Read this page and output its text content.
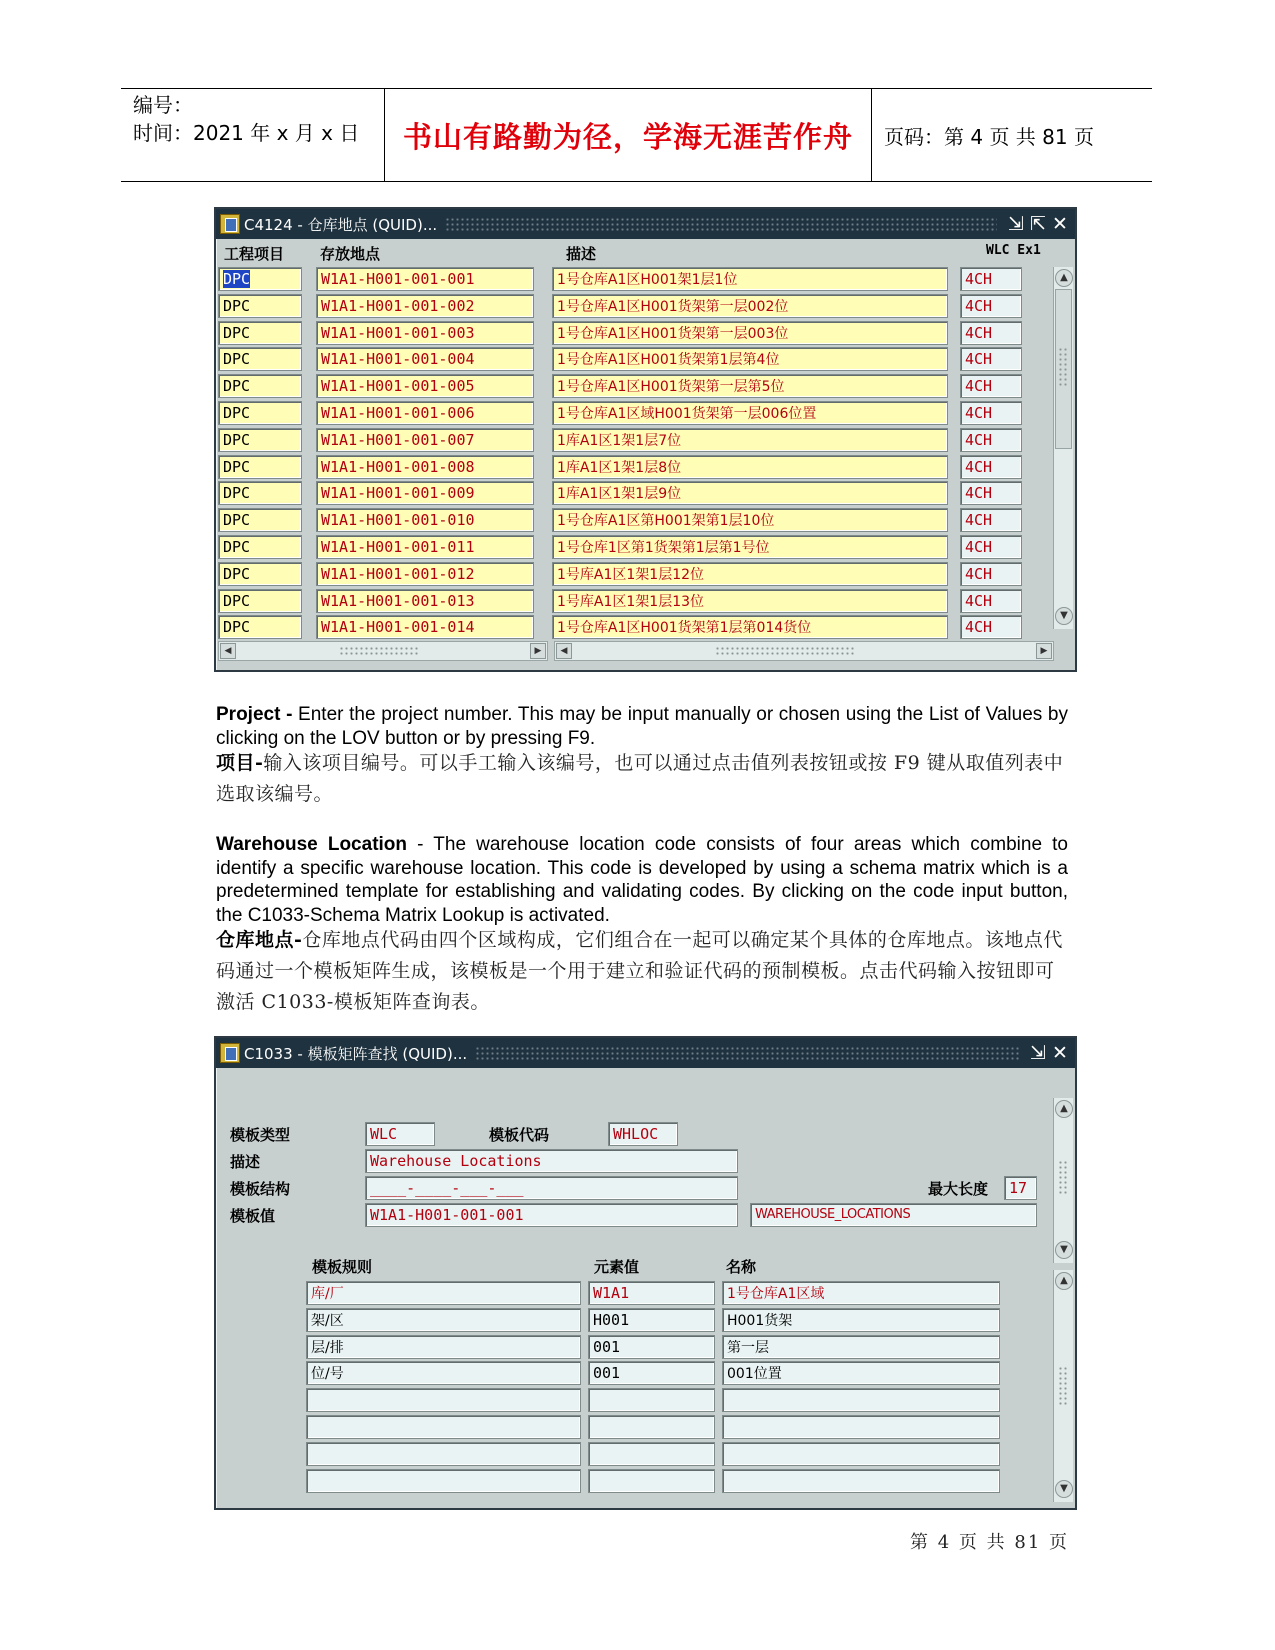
编号：
时间：2021 年 x 月 x 日	书山有路勤为径，学海无涯苦作舟	页码：第 4 页 共 81 页
C4124 - 仓库地点 (QUID)...	⇲ ⇱ ✕
工程项目 存放地点	描述	WLC Ex1
DPC	W1A1-H001-001-001	1号仓库A1区H001架1层1位	4CH
DPC	W1A1-H001-001-002	1号仓库A1区H001货架第一层002位	4CH
DPC	W1A1-H001-001-003	1号仓库A1区H001货架第一层003位	4CH
DPC	W1A1-H001-001-004	1号仓库A1区H001货架第1层第4位	4CH
DPC	W1A1-H001-001-005	1号仓库A1区H001货架第一层第5位	4CH
DPC	W1A1-H001-001-006	1号仓库A1区域H001货架第一层006位置	4CH
DPC	W1A1-H001-001-007	1库A1区1架1层7位	4CH
DPC	W1A1-H001-001-008	1库A1区1架1层8位	4CH
DPC	W1A1-H001-001-009	1库A1区1架1层9位	4CH
DPC	W1A1-H001-001-010	1号仓库A1区第H001架第1层10位	4CH
DPC	W1A1-H001-001-011	1号仓库1区第1货架第1层第1号位	4CH
DPC	W1A1-H001-001-012	1号库A1区1架1层12位	4CH
DPC	W1A1-H001-001-013	1号库A1区1架1层13位	4CH
DPC	W1A1-H001-001-014	1号仓库A1区H001货架第1层第014货位	4CH
▲
▼
◀	▶	◀	▶
Project - Enter the project number. This may be input manually or chosen using the List of Values by clicking on the LOV button or by pressing F9.
项目-输入该项目编号。可以手工输入该编号，也可以通过点击值列表按钮或按 F9 键从取值列表中选取该编号。
Warehouse Location - The warehouse location code consists of four areas which combine to identify a specific warehouse location. This code is developed by using a schema matrix which is a predetermined template for establishing and validating codes. By clicking on the code input button, the C1033-Schema Matrix Lookup is activated.
仓库地点-仓库地点代码由四个区域构成，它们组合在一起可以确定某个具体的仓库地点。该地点代码通过一个模板矩阵生成，该模板是一个用于建立和验证代码的预制模板。点击代码输入按钮即可激活 C1033-模板矩阵查询表。
C1033 - 模板矩阵查找 (QUID)...	⇲ ✕
模板类型	WLC	模板代码	WHLOC
描述	Warehouse Locations
模板结构	____-____-___-___	最大长度	17
模板值	W1A1-H001-001-001	WAREHOUSE_LOCATIONS
▲
▼
模板规则	元素值	名称
库/厂	W1A1	1号仓库A1区域
架/区	H001	H001货架
层/排	001	第一层
位/号	001	001位置
▲
▼
第 4 页 共 81 页
